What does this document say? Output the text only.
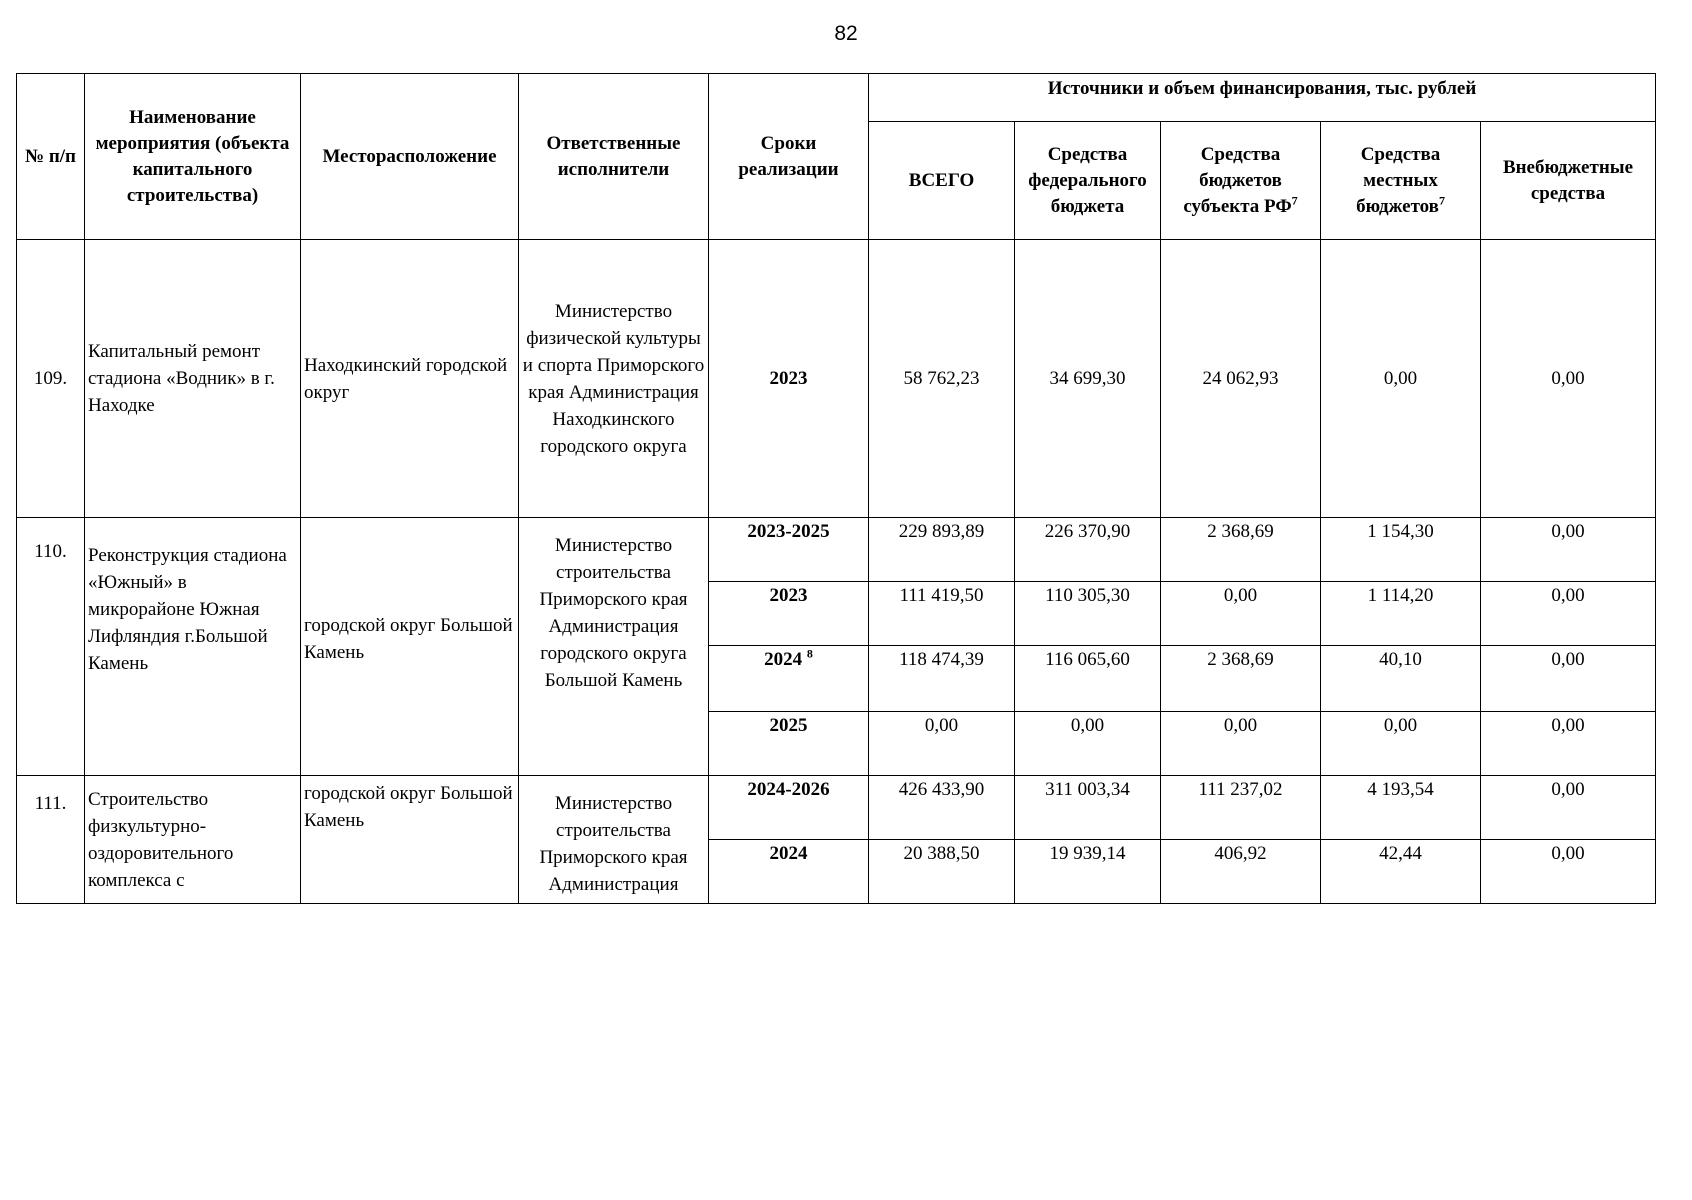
82
№ п/п	Наименование мероприятия (объекта капитального строительства)	Месторасположение	Ответственные исполнители	Сроки реализации	Источники и объем финансирования, тыс. рублей				
					ВСЕГО	Средства федерального бюджета	Средства бюджетов субъекта $РФ^7$	Средства местных бюджетов$^7$	Внебюджетные средства
109.	Капитальный ремонт стадиона «Водник» в г. Находке	Находкинский городской округ	Министерство физической культуры и спорта Приморского края Администрация Находкинского городского округа	2023	58 762,23	34 699,30	24 062,93	0,00	0,00
110.	Реконструкция стадиона «Южный» в микрорайоне Южная Лифляндия г.Большой Камень	городской округ Большой Камень	Министерство строительства Приморского края Администрация городского округа Большой Камень	2023-2025	229 893,89	226 370,90	2 368,69	1 154,30	0,00
				2023	111 419,50	110 305,30	0,00	1 114,20	0,00
				2024 $^8$	118 474,39	116 065,60	2 368,69	40,10	0,00
				2025	0,00	0,00	0,00	0,00	0,00
111.	Строительство физкультурно-оздоровительного комплекса с	городской округ Большой Камень	Министерство строительства Приморского края Администрация	2024-2026	426 433,90	311 003,34	111 237,02	4 193,54	0,00
				2024	20 388,50	19 939,14	406,92	42,44	0,00
